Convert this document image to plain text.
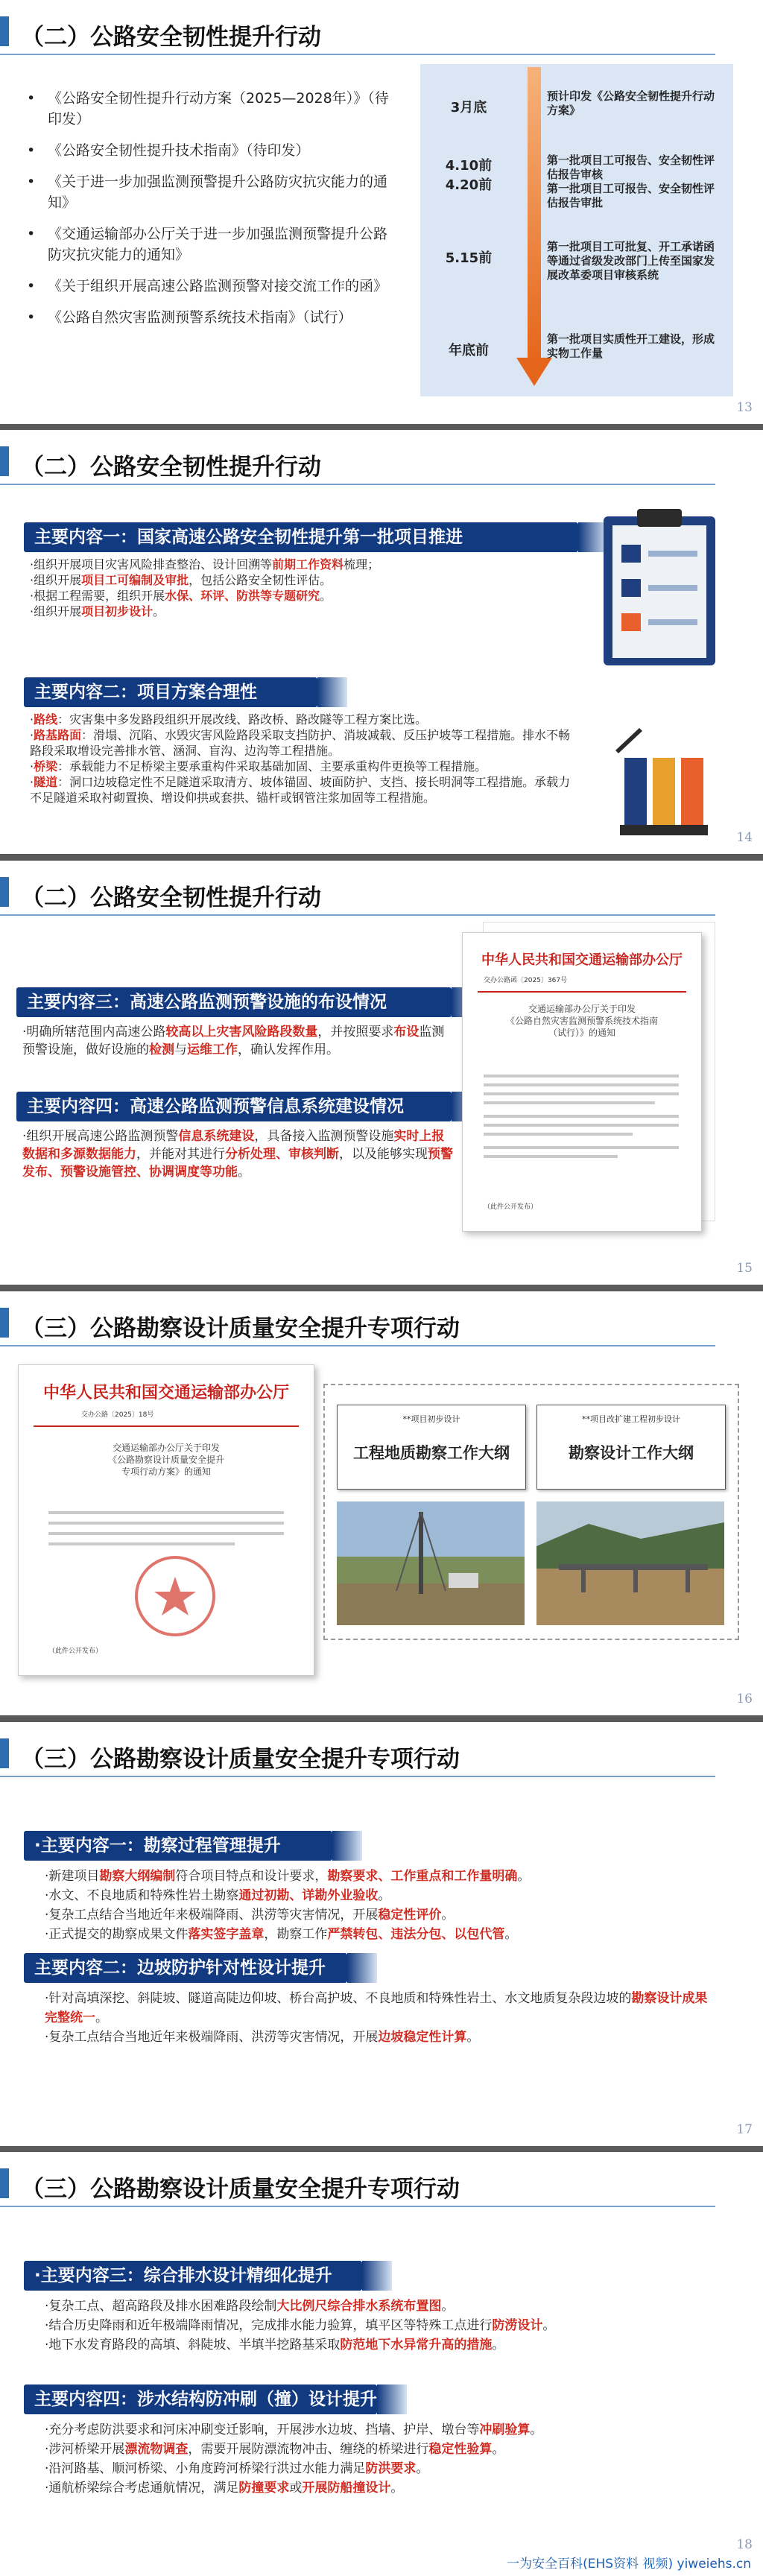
（二）公路安全韧性提升行动
• 《公路安全韧性提升行动方案（2025—2028年）》（待印发）
• 《公路安全韧性提升技术指南》（待印发）
• 《关于进一步加强监测预警提升公路防灾抗灾能力的通知》
• 《交通运输部办公厅关于进一步加强监测预警提升公路防灾抗灾能力的通知》
• 《关于组织开展高速公路监测预警对接交流工作的函》
• 《公路自然灾害监测预警系统技术指南》（试行）
3月底
预计印发《公路安全韧性提升行动方案》
4.10前
4.20前
第一批项目工可报告、安全韧性评估报告审核
第一批项目工可报告、安全韧性评估报告审批
5.15前
第一批项目工可批复、开工承诺函等通过省级发改部门上传至国家发展改革委项目审核系统
年底前
第一批项目实质性开工建设，形成实物工作量
13
（二）公路安全韧性提升行动
主要内容一：国家高速公路安全韧性提升第一批项目推进

·组织开展项目灾害风险排查整治、设计回溯等前期工作资料梳理；

·组织开展项目工可编制及审批，包括公路安全韧性评估。

·根据工程需要，组织开展水保、环评、防洪等专题研究。

·组织开展项目初步设计。

主要内容二：项目方案合理性

·路线：灾害集中多发路段组织开展改线、路改桥、路改隧等工程方案比选。

·路基路面：滑塌、沉陷、水毁灾害风险路段采取支挡防护、消坡减载、反压护坡等工程措施。排水不畅路段采取增设完善排水管、涵洞、盲沟、边沟等工程措施。

·桥梁：承载能力不足桥梁主要承重构件采取基础加固、主要承重构件更换等工程措施。

·隧道：洞口边坡稳定性不足隧道采取清方、坡体锚固、坡面防护、支挡、接长明洞等工程措施。承载力不足隧道采取衬砌置换、增设仰拱或套拱、锚杆或钢管注浆加固等工程措施。

14
（二）公路安全韧性提升行动
主要内容三：高速公路监测预警设施的布设情况

·明确所辖范围内高速公路较高以上灾害风险路段数量，并按照要求布设监测预警设施，做好设施的检测与运维工作，确认发挥作用。

主要内容四：高速公路监测预警信息系统建设情况

·组织开展高速公路监测预警信息系统建设，具备接入监测预警设施实时上报数据和多源数据能力，并能对其进行分析处理、审核判断，以及能够实现预警发布、预警设施管控、协调调度等功能。

中华人民共和国交通运输部办公厅
交办公路函〔2025〕367号
交通运输部办公厅关于印发
《公路自然灾害监测预警系统技术指南
（试行）》的通知
（此件公开发布）
15
（三）公路勘察设计质量安全提升专项行动
中华人民共和国交通运输部办公厅
交办公路〔2025〕18号
交通运输部办公厅关于印发
《公路勘察设计质量安全提升
专项行动方案》的通知
（此件公开发布）
**项目初步设计
工程地质勘察工作大纲
**项目改扩建工程初步设计
勘察设计工作大纲
16
（三）公路勘察设计质量安全提升专项行动
·主要内容一：勘察过程管理提升

·新建项目勘察大纲编制符合项目特点和设计要求，勘察要求、工作重点和工作量明确。

·水文、不良地质和特殊性岩土勘察通过初勘、详勘外业验收。

·复杂工点结合当地近年来极端降雨、洪涝等灾害情况，开展稳定性评价。

·正式提交的勘察成果文件落实签字盖章，勘察工作严禁转包、违法分包、以包代管。

主要内容二：边坡防护针对性设计提升

·针对高填深挖、斜陡坡、隧道高陡边仰坡、桥台高护坡、不良地质和特殊性岩土、水文地质复杂段边坡的勘察设计成果完整统一。

·复杂工点结合当地近年来极端降雨、洪涝等灾害情况，开展边坡稳定性计算。

17
（三）公路勘察设计质量安全提升专项行动
·主要内容三：综合排水设计精细化提升

·复杂工点、超高路段及排水困难路段绘制大比例尺综合排水系统布置图。

·结合历史降雨和近年极端降雨情况，完成排水能力验算，填平区等特殊工点进行防涝设计。

·地下水发育路段的高填、斜陡坡、半填半挖路基采取防范地下水异常升高的措施。

主要内容四：涉水结构防冲刷（撞）设计提升

·充分考虑防洪要求和河床冲刷变迁影响，开展涉水边坡、挡墙、护岸、墩台等冲刷验算。

·涉河桥梁开展漂流物调查，需要开展防漂流物冲击、缠绕的桥梁进行稳定性验算。

·沿河路基、顺河桥梁、小角度跨河桥梁行洪过水能力满足防洪要求。

·通航桥梁综合考虑通航情况，满足防撞要求或开展防船撞设计。

18
一为安全百科(EHS资料 视频) yiweiehs.cn
